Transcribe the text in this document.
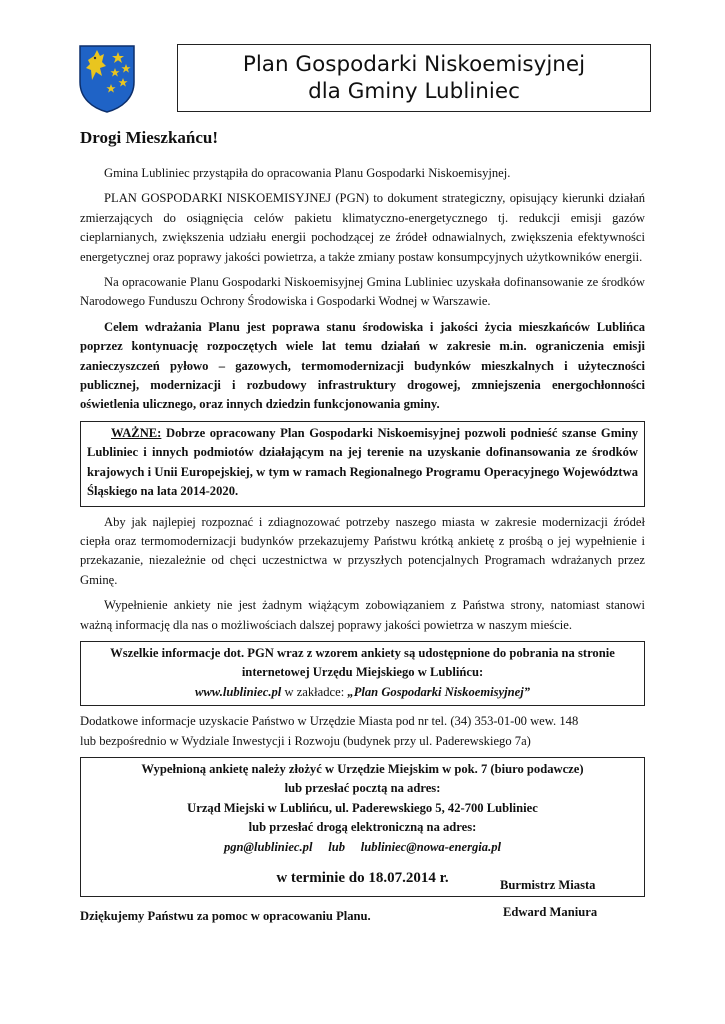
Plan Gospodarki Niskoemisyjnej
dla Gminy Lubliniec
Drogi Mieszkańcu!

Gmina Lubliniec przystąpiła do opracowania Planu Gospodarki Niskoemisyjnej.

PLAN GOSPODARKI NISKOEMISYJNEJ (PGN) to dokument strategiczny, opisujący kierunki działań zmierzających do osiągnięcia celów pakietu klimatyczno-energetycznego tj. redukcji emisji gazów cieplarnianych, zwiększenia udziału energii pochodzącej ze źródeł odnawialnych, zwiększenia efektywności energetycznej oraz poprawy jakości powietrza, a także zmiany postaw konsumpcyjnych użytkowników energii.

Na opracowanie Planu Gospodarki Niskoemisyjnej Gmina Lubliniec uzyskała dofinansowanie ze środków Narodowego Funduszu Ochrony Środowiska i Gospodarki Wodnej w Warszawie.

Celem wdrażania Planu jest poprawa stanu środowiska i jakości życia mieszkańców Lublińca poprzez kontynuację rozpoczętych wiele lat temu działań w zakresie m.in. ograniczenia emisji zanieczyszczeń pyłowo – gazowych, termomodernizacji budynków mieszkalnych i użyteczności publicznej, modernizacji i rozbudowy infrastruktury drogowej, zmniejszenia energochłonności oświetlenia ulicznego, oraz innych dziedzin funkcjonowania gminy.

WAŻNE: Dobrze opracowany Plan Gospodarki Niskoemisyjnej pozwoli podnieść szanse Gminy Lubliniec i innych podmiotów działającym na jej terenie na uzyskanie dofinansowania ze środków krajowych i Unii Europejskiej, w tym w ramach Regionalnego Programu Operacyjnego Województwa Śląskiego na lata 2014-2020.

Aby jak najlepiej rozpoznać i zdiagnozować potrzeby naszego miasta w zakresie modernizacji źródeł ciepła oraz termomodernizacji budynków przekazujemy Państwu krótką ankietę z prośbą o jej wypełnienie i przekazanie, niezależnie od chęci uczestnictwa w przyszłych potencjalnych Programach wdrażanych przez Gminę.

Wypełnienie ankiety nie jest żadnym wiążącym zobowiązaniem z Państwa strony, natomiast stanowi ważną informację dla nas o możliwościach dalszej poprawy jakości powietrza w naszym mieście.

Wszelkie informacje dot. PGN wraz z wzorem ankiety są udostępnione do pobrania na stronie
internetowej Urzędu Miejskiego w Lublińcu:
www.lubliniec.pl w zakładce: „Plan Gospodarki Niskoemisyjnej”

Dodatkowe informacje uzyskacie Państwo w Urzędzie Miasta pod nr tel. (34) 353-01-00 wew. 148

lub bezpośrednio w Wydziale Inwestycji i Rozwoju (budynek przy ul. Paderewskiego 7a)

Wypełnioną ankietę należy złożyć w Urzędzie Miejskim w pok. 7 (biuro podawcze)
lub przesłać pocztą na adres:
Urząd Miejski w Lublińcu, ul. Paderewskiego 5, 42-700 Lubliniec
lub przesłać drogą elektroniczną na adres:
pgn@lubliniec.pl lub lubliniec@nowa-energia.pl
w terminie do 18.07.2014 r.

Dziękujemy Państwu za pomoc w opracowaniu Planu.

Burmistrz Miasta
Edward Maniura
